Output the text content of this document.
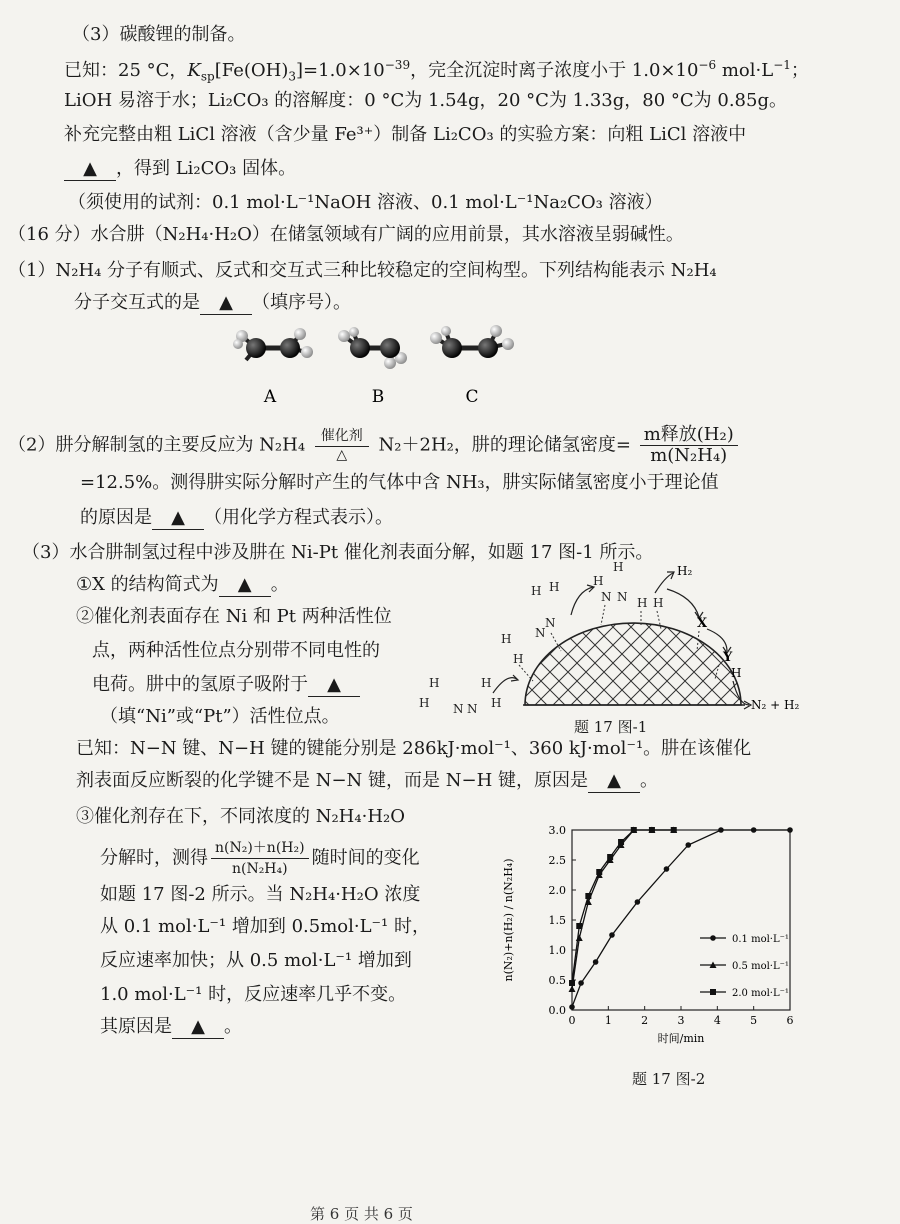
（3）碳酸锂的制备。
已知：25 °C，$K_{sp}[Fe(OH)_3]=1.0\times 10^{-39}$，完全沉淀时离子浓度小于 $1.0\times 10^{-6}$ $mol\cdot L^{-1}$；
LiOH 易溶于水；Li₂CO₃ 的溶解度：0 °C为 1.54g，20 °C为 1.33g，80 °C为 0.85g。
补充完整由粗 LiCl 溶液（含少量 Fe³⁺）制备 Li₂CO₃ 的实验方案：向粗 LiCl 溶液中
▲ ，得到 Li₂CO₃ 固体。
（须使用的试剂：0.1 mol·L⁻¹NaOH 溶液、0.1 mol·L⁻¹Na₂CO₃ 溶液）
（16 分）水合肼（N₂H₄·H₂O）在储氢领域有广阔的应用前景，其水溶液呈弱碱性。
（1）N₂H₄ 分子有顺式、反式和交互式三种比较稳定的空间构型。下列结构能表示 N₂H₄
分子交互式的是 ▲ （填序号）。
A	B	C
（2）肼分解制氢的主要反应为 N₂H₄	催化剂
△	N₂＋2H₂，肼的理论储氢密度= $\frac{\text{m释放(H₂)}}{\text{m(N₂H₄)}}$
=12.5%。测得肼实际分解时产生的气体中含 NH₃，肼实际储氢密度小于理论值
的原因是 ▲ （用化学方程式表示）。
（3）水合肼制氢过程中涉及肼在 Ni-Pt 催化剂表面分解，如题 17 图-1 所示。
①X 的结构简式为 ▲ 。
②催化剂表面存在 Ni 和 Pt 两种活性位
点，两种活性位点分别带不同电性的
电荷。肼中的氢原子吸附于 ▲
（填“Ni”或“Pt”）活性位点。
已知：N−N 键、N−H 键的键能分别是 286kJ·mol⁻¹、360 kJ·mol⁻¹。肼在该催化
剂表面反应断裂的化学键不是 N−N 键，而是 N−H 键，原因是 ▲ 。
H
H N N
H
H
H H
N
N
H
H
H
H
N N H H
H₂
X
Y
H
N₂ + H₂
题 17 图-1
③催化剂存在下，不同浓度的 N₂H₄·H₂O
分解时，测得 $\frac{\text{n(N₂)＋n(H₂)}}{\text{n(N₂H₄)}}$ 随时间的变化
如题 17 图-2 所示。当 N₂H₄·H₂O 浓度
从 0.1 mol·L⁻¹ 增加到 0.5mol·L⁻¹ 时，
反应速率加快；从 0.5 mol·L⁻¹ 增加到
1.0 mol·L⁻¹ 时，反应速率几乎不变。
其原因是 ▲ 。	0	1	2	3	4	5	6
0.0
0.5
1.0
1.5
2.0
2.5
3.0
时间/min
n(N₂)+n(H₂) / n(N₂H₄)	0.1 mol·L⁻¹
0.5 mol·L⁻¹
2.0 mol·L⁻¹
题 17 图-2
第 6 页 共 6 页
